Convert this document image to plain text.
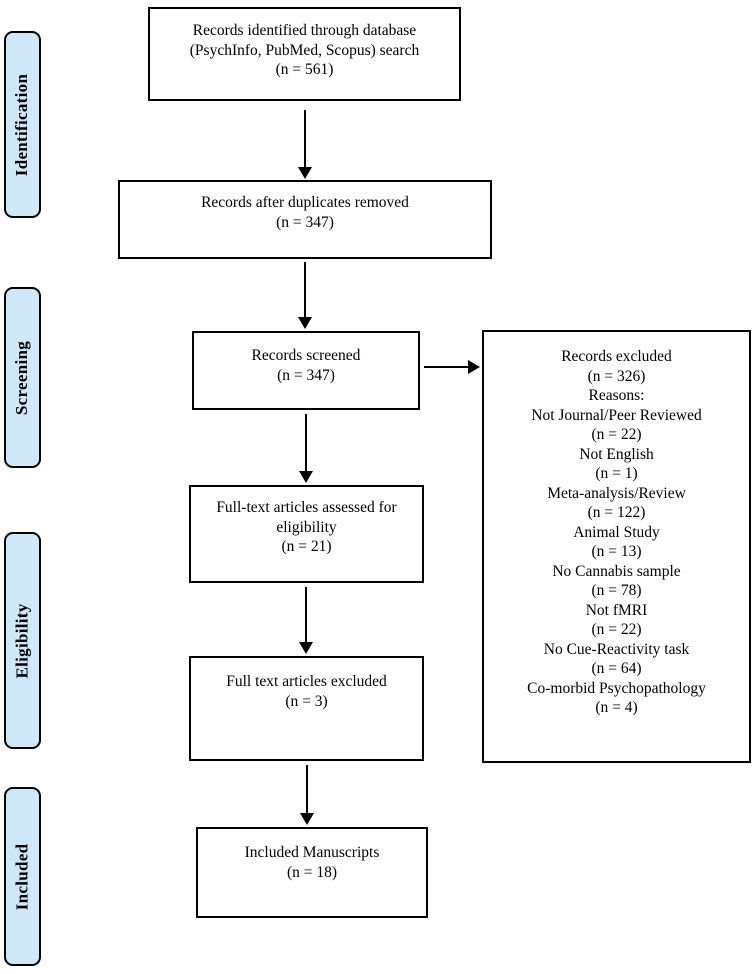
Identification
Screening
Eligibility
Included
Records identified through database
(PsychInfo, PubMed, Scopus) search
(n = 561)
Records after duplicates removed
(n = 347)
Records screened
(n = 347)
Records excluded
(n = 326)
Reasons:
Not Journal/Peer Reviewed
(n = 22)
Not English
(n = 1)
Meta-analysis/Review
(n = 122)
Animal Study
(n = 13)
No Cannabis sample
(n = 78)
Not fMRI
(n = 22)
No Cue-Reactivity task
(n = 64)
Co-morbid Psychopathology
(n = 4)
Full-text articles assessed for
eligibility
(n = 21)
Full text articles excluded
(n = 3)
Included Manuscripts
(n = 18)
